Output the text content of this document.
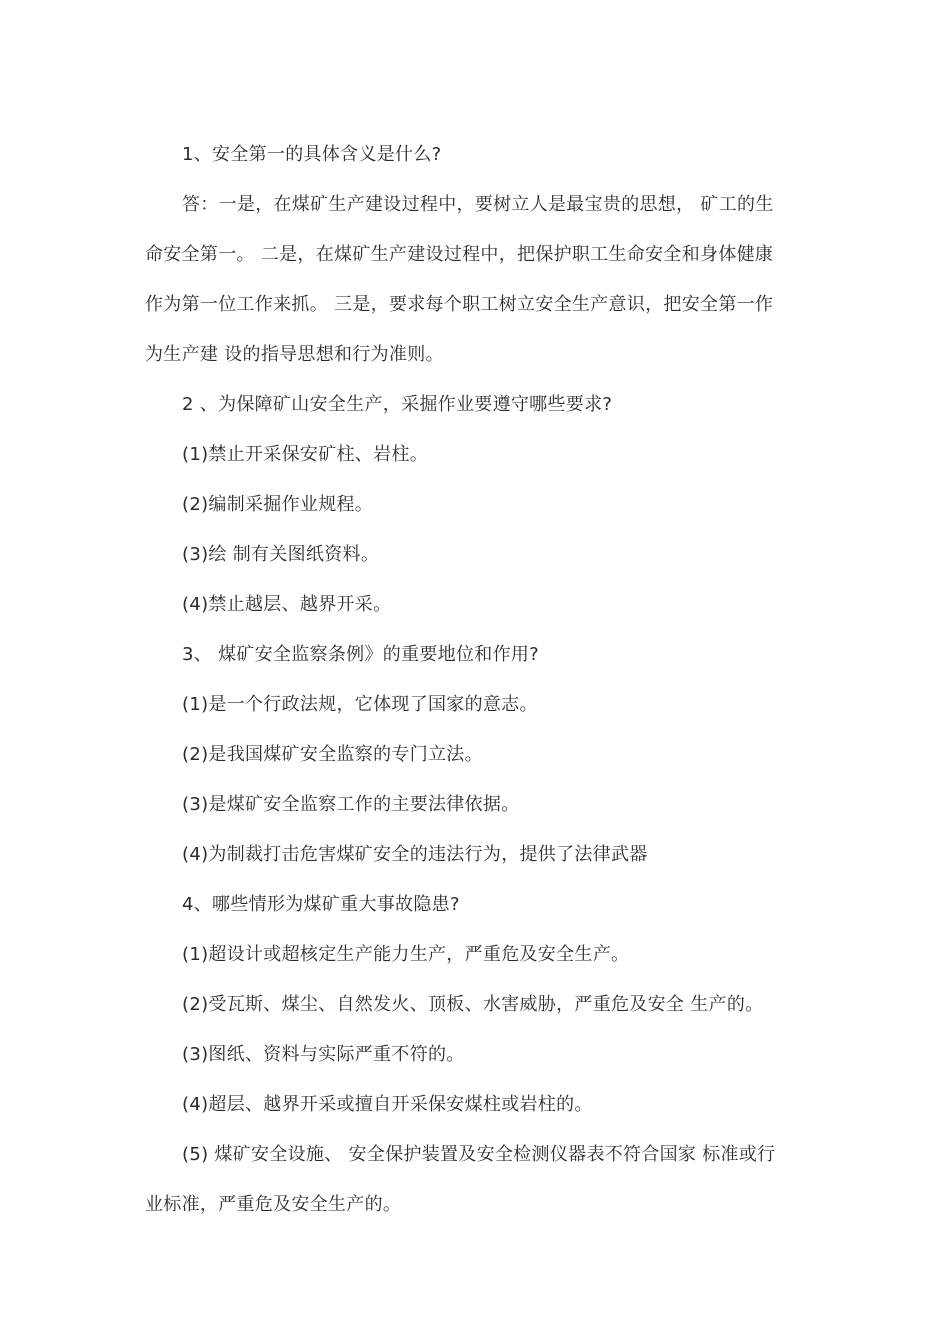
1、安全第一的具体含义是什么?
答：一是，在煤矿生产建设过程中，要树立人是最宝贵的思想， 矿工的生
命安全第一。 二是，在煤矿生产建设过程中，把保护职工生命安全和身体健康
作为第一位工作来抓。 三是，要求每个职工树立安全生产意识，把安全第一作
为生产建 设的指导思想和行为准则。
2 、为保障矿山安全生产，采掘作业要遵守哪些要求?
(1)禁止开采保安矿柱、岩柱。
(2)编制采掘作业规程。
(3)绘 制有关图纸资料。
(4)禁止越层、越界开采。
3、 煤矿安全监察条例》的重要地位和作用?
(1)是一个行政法规，它体现了国家的意志。
(2)是我国煤矿安全监察的专门立法。
(3)是煤矿安全监察工作的主要法律依据。
(4)为制裁打击危害煤矿安全的违法行为，提供了法律武器
4、哪些情形为煤矿重大事故隐患?
(1)超设计或超核定生产能力生产，严重危及安全生产。
(2)受瓦斯、煤尘、自然发火、顶板、水害威胁，严重危及安全 生产的。
(3)图纸、资料与实际严重不符的。
(4)超层、越界开采或擅自开采保安煤柱或岩柱的。
(5) 煤矿安全设施、 安全保护装置及安全检测仪器表不符合国家 标准或行
业标准，严重危及安全生产的。
